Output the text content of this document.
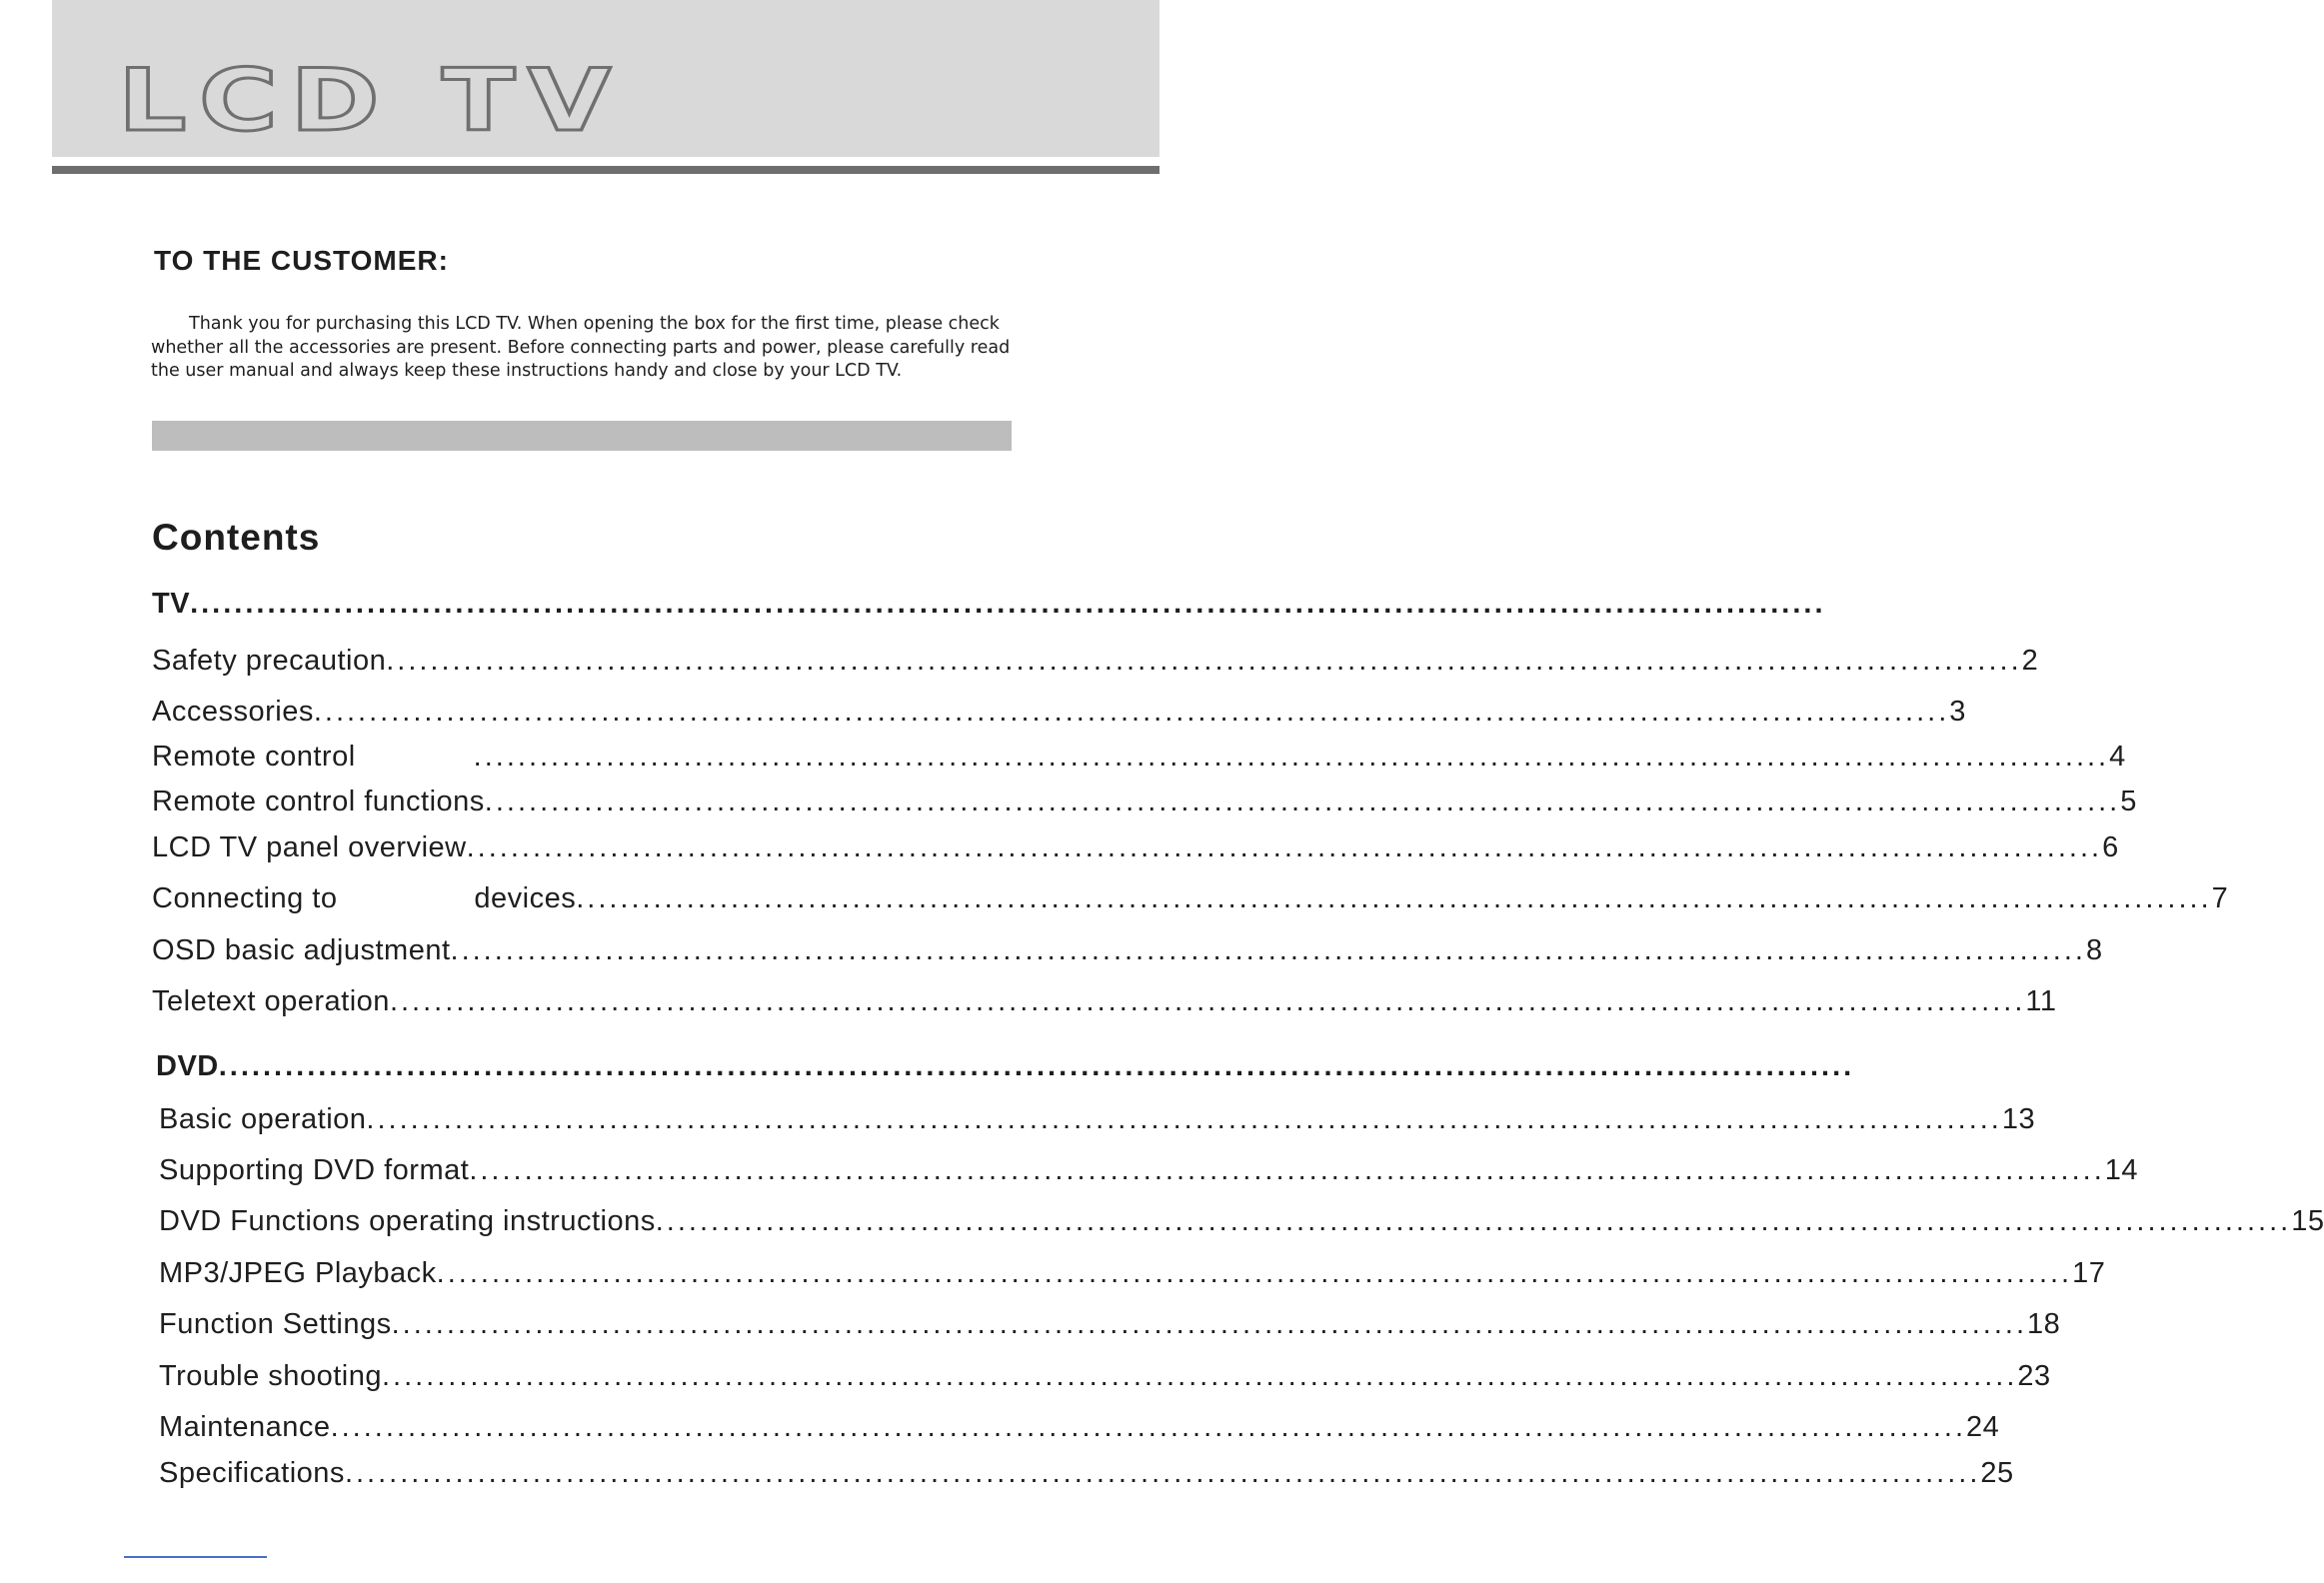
LCD TV
TO THE CUSTOMER:

Thank you for purchasing this LCD TV. When opening the box for the first time, please check whether all the accessories are present. Before connecting parts and power, please carefully read the user manual and always keep these instructions handy and close by your LCD TV.

Contents
TV ....................................................................................................................................................
Safety precaution .................................................................................................................................................... 2
Accessories .................................................................................................................................................... 3
Remote control	.................................................................................................................................................... 4
Remote control functions .................................................................................................................................................... 5
LCD TV panel overview .................................................................................................................................................... 6
Connecting to                devices .................................................................................................................................................... 7
OSD basic adjustment .................................................................................................................................................... 8
Teletext operation .................................................................................................................................................... 11
DVD ....................................................................................................................................................
Basic operation .................................................................................................................................................... 13
Supporting DVD format .................................................................................................................................................... 14
DVD Functions operating instructions .................................................................................................................................................... 15
MP3/JPEG Playback .................................................................................................................................................... 17
Function Settings .................................................................................................................................................... 18
Trouble shooting .................................................................................................................................................... 23
Maintenance .................................................................................................................................................... 24
Specifications .................................................................................................................................................... 25
